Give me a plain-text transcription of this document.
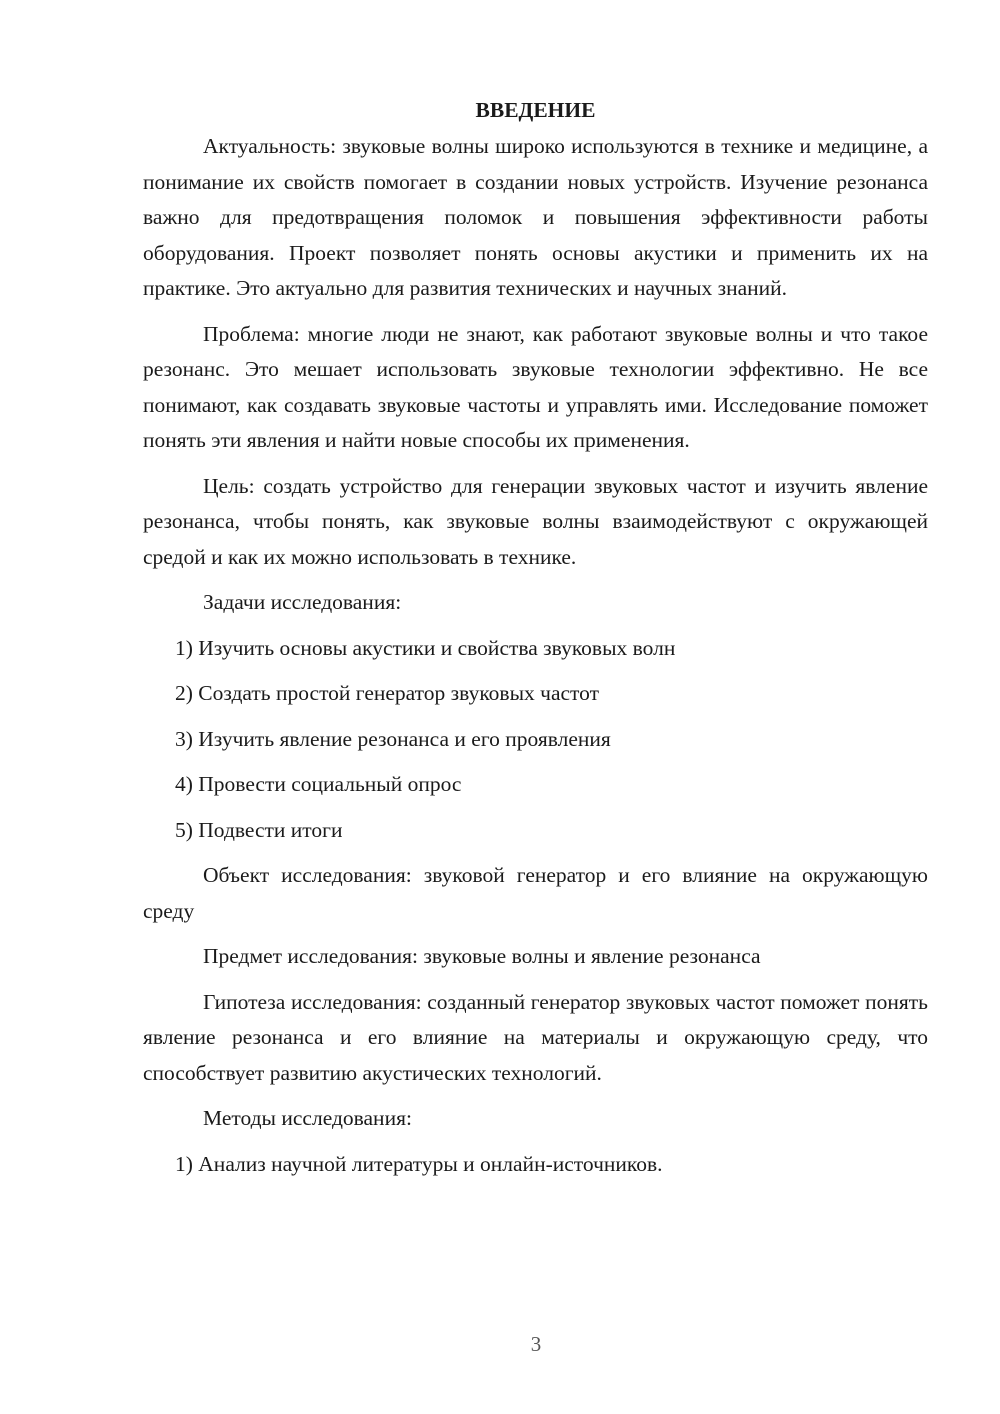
ВВЕДЕНИЕ

Актуальность: звуковые волны широко используются в технике и медицине, а понимание их свойств помогает в создании новых устройств. Изучение резонанса важно для предотвращения поломок и повышения эффективности работы оборудования. Проект позволяет понять основы акустики и применить их на практике. Это актуально для развития технических и научных знаний.

Проблема: многие люди не знают, как работают звуковые волны и что такое резонанс. Это мешает использовать звуковые технологии эффективно. Не все понимают, как создавать звуковые частоты и управлять ими. Исследование поможет понять эти явления и найти новые способы их применения.

Цель: создать устройство для генерации звуковых частот и изучить явление резонанса, чтобы понять, как звуковые волны взаимодействуют с окружающей средой и как их можно использовать в технике.

Задачи исследования:

1) Изучить основы акустики и свойства звуковых волн
2) Создать простой генератор звуковых частот
3) Изучить явление резонанса и его проявления
4) Провести социальный опрос
5) Подвести итоги

Объект исследования: звуковой генератор и его влияние на окружающую среду

Предмет исследования: звуковые волны и явление резонанса

Гипотеза исследования: созданный генератор звуковых частот поможет понять явление резонанса и его влияние на материалы и окружающую среду, что способствует развитию акустических технологий.

Методы исследования:

1) Анализ научной литературы и онлайн-источников.
3
